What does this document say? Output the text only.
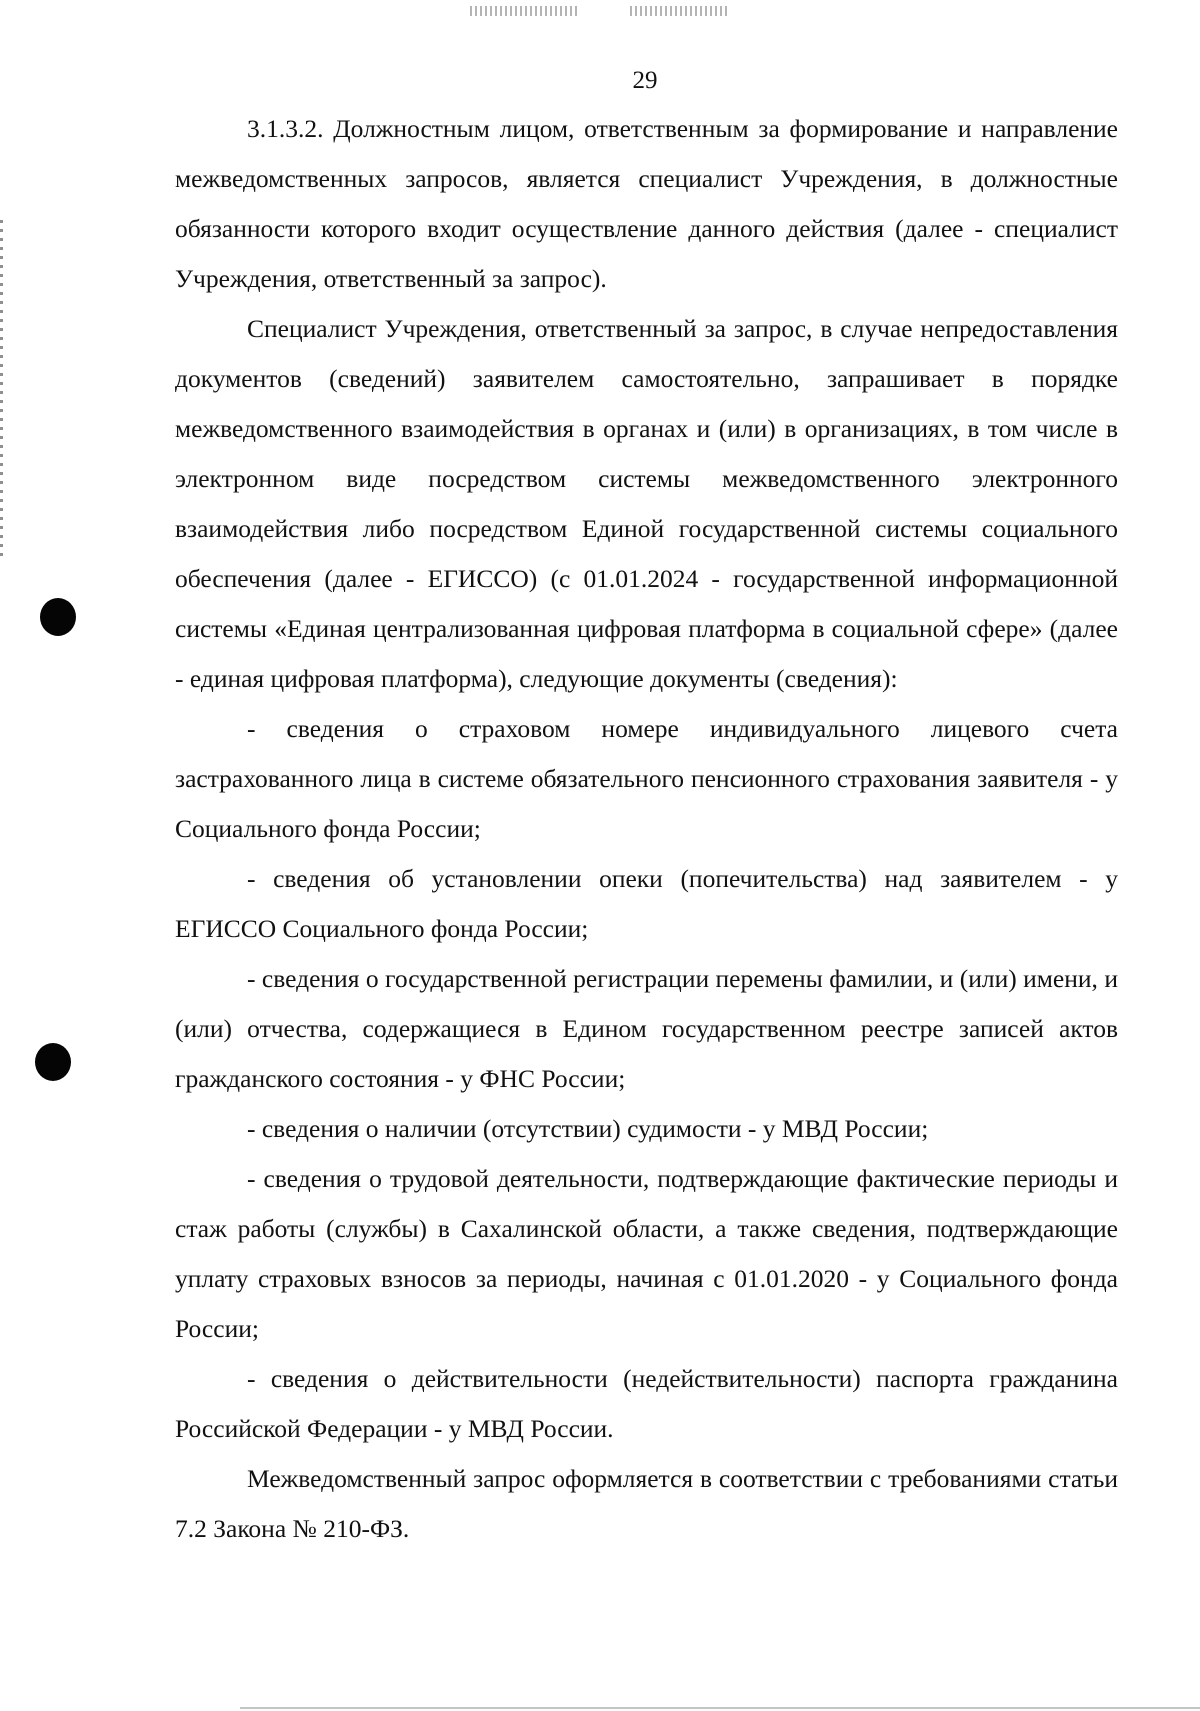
29

3.1.3.2. Должностным лицом, ответственным за формирование и направление межведомственных запросов, является специалист Учреждения, в должностные обязанности которого входит осуществление данного действия (далее - специалист Учреждения, ответственный за запрос).

Специалист Учреждения, ответственный за запрос, в случае непредоставления документов (сведений) заявителем самостоятельно, запрашивает в порядке межведомственного взаимодействия в органах и (или) в организациях, в том числе в электронном виде посредством системы межведомственного электронного взаимодействия либо посредством Единой государственной системы социального обеспечения (далее - ЕГИССО) (с 01.01.2024 - государственной информационной системы «Единая централизованная цифровая платформа в социальной сфере» (далее - единая цифровая платформа), следующие документы (сведения):

- сведения о страховом номере индивидуального лицевого счета застрахованного лица в системе обязательного пенсионного страхования заявителя - у Социального фонда России;

- сведения об установлении опеки (попечительства) над заявителем - у ЕГИССО Социального фонда России;

- сведения о государственной регистрации перемены фамилии, и (или) имени, и (или) отчества, содержащиеся в Едином государственном реестре записей актов гражданского состояния - у ФНС России;

- сведения о наличии (отсутствии) судимости - у МВД России;

- сведения о трудовой деятельности, подтверждающие фактические периоды и стаж работы (службы) в Сахалинской области, а также сведения, подтверждающие уплату страховых взносов за периоды, начиная с 01.01.2020 - у Социального фонда России;

- сведения о действительности (недействительности) паспорта гражданина Российской Федерации - у МВД России.

Межведомственный запрос оформляется в соответствии с требованиями статьи 7.2 Закона № 210-ФЗ.
